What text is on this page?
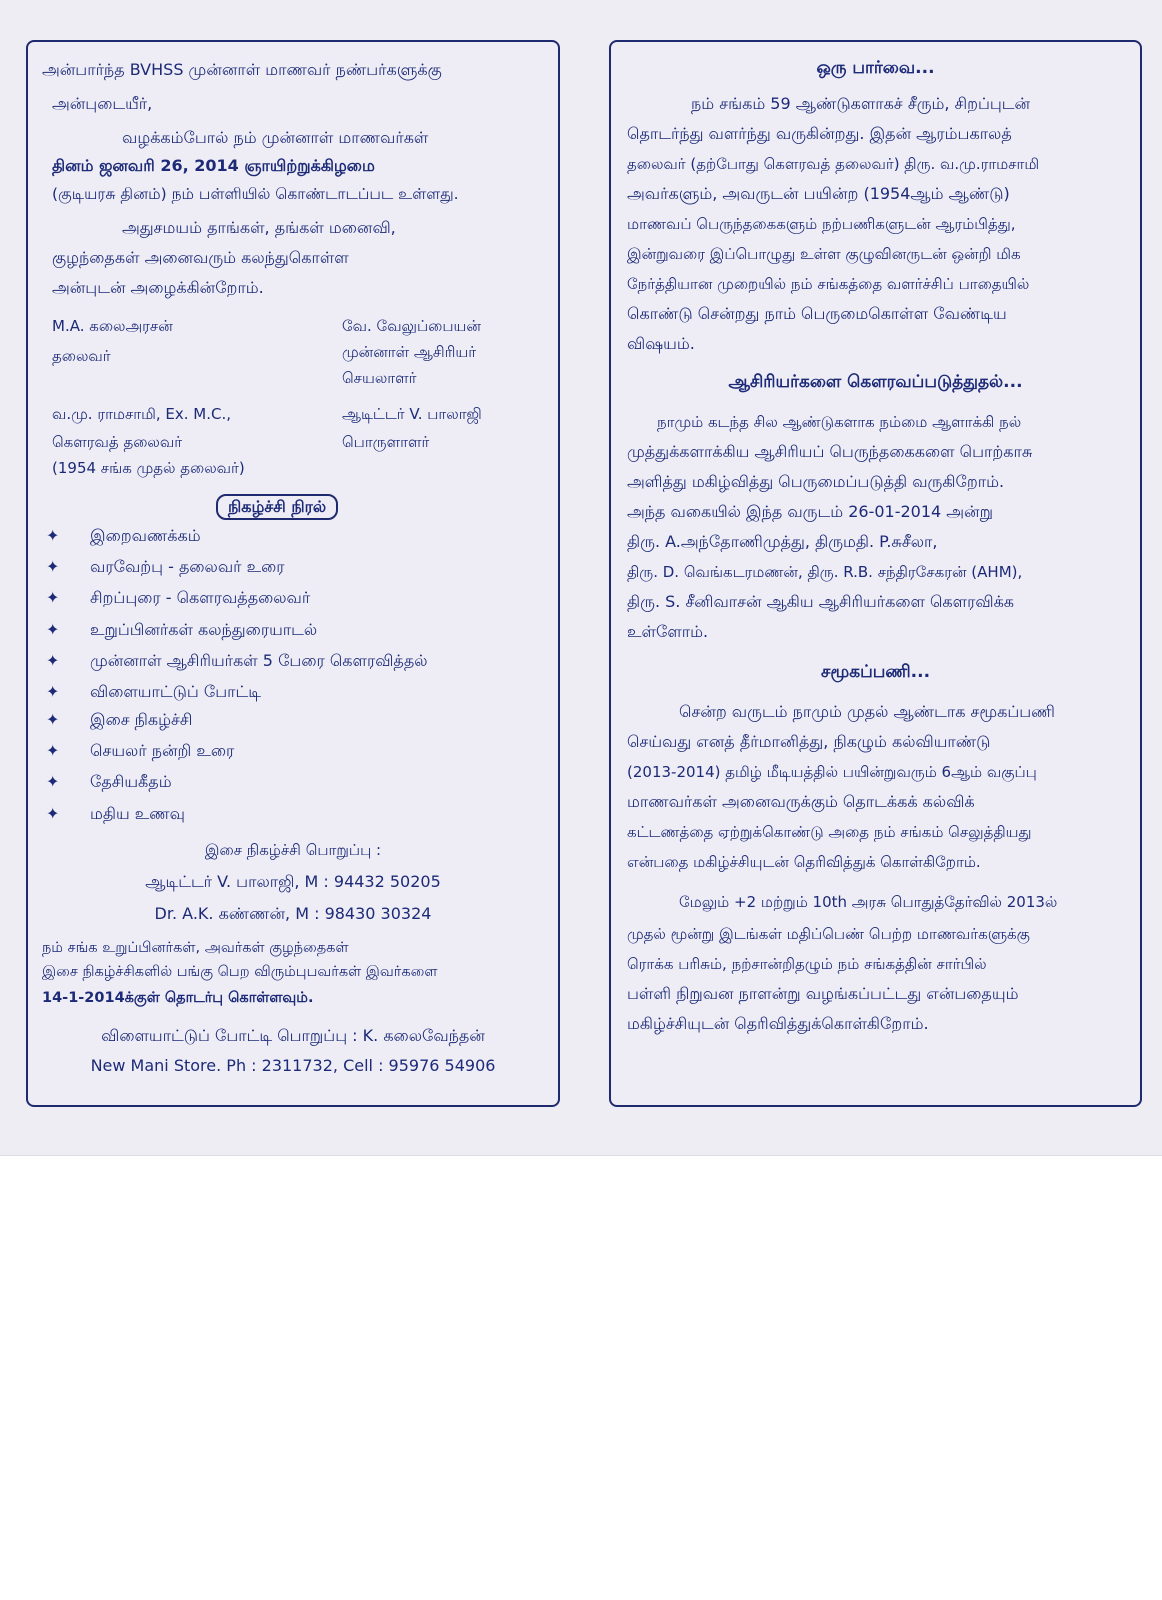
அன்பார்ந்த BVHSS முன்னாள் மாணவர் நண்பர்களுக்கு
அன்புடையீர்,
வழக்கம்போல் நம் முன்னாள் மாணவர்கள்
தினம் ஜனவரி 26, 2014 ஞாயிற்றுக்கிழமை
(குடியரசு தினம்) நம் பள்ளியில் கொண்டாடப்பட உள்ளது.
அதுசமயம் தாங்கள், தங்கள் மனைவி,
குழந்தைகள் அனைவரும் கலந்துகொள்ள
அன்புடன் அழைக்கின்றோம்.
M.A. கலைஅரசன்
தலைவர்
வே. வேலுப்பையன்
முன்னாள் ஆசிரியர்
செயலாளர்
வ.மு. ராமசாமி, Ex. M.C.,
கௌரவத் தலைவர்
(1954 சங்க முதல் தலைவர்)
ஆடிட்டர் V. பாலாஜி
பொருளாளர்
நிகழ்ச்சி நிரல்
✦ இறைவணக்கம்
✦ வரவேற்பு - தலைவர் உரை
✦ சிறப்புரை - கௌரவத்தலைவர்
✦ உறுப்பினர்கள் கலந்துரையாடல்
✦ முன்னாள் ஆசிரியர்கள் 5 பேரை கௌரவித்தல்
✦ விளையாட்டுப் போட்டி
✦ இசை நிகழ்ச்சி
✦ செயலர் நன்றி உரை
✦ தேசியகீதம்
✦ மதிய உணவு
இசை நிகழ்ச்சி பொறுப்பு :
ஆடிட்டர் V. பாலாஜி, M : 94432 50205
Dr. A.K. கண்ணன், M : 98430 30324
நம் சங்க உறுப்பினர்கள், அவர்கள் குழந்தைகள்
இசை நிகழ்ச்சிகளில் பங்கு பெற விரும்புபவர்கள் இவர்களை
14-1-2014க்குள் தொடர்பு கொள்ளவும்.
விளையாட்டுப் போட்டி பொறுப்பு : K. கலைவேந்தன்
New Mani Store. Ph : 2311732, Cell : 95976 54906
ஒரு பார்வை...
நம் சங்கம் 59 ஆண்டுகளாகச் சீரும், சிறப்புடன்
தொடர்ந்து வளர்ந்து வருகின்றது. இதன் ஆரம்பகாலத்
தலைவர் (தற்போது கௌரவத் தலைவர்) திரு. வ.மு.ராமசாமி
அவர்களும், அவருடன் பயின்ற (1954ஆம் ஆண்டு)
மாணவப் பெருந்தகைகளும் நற்பணிகளுடன் ஆரம்பித்து,
இன்றுவரை இப்பொழுது உள்ள குழுவினருடன் ஒன்றி மிக
நேர்த்தியான முறையில் நம் சங்கத்தை வளர்ச்சிப் பாதையில்
கொண்டு சென்றது நாம் பெருமைகொள்ள வேண்டிய
விஷயம்.
ஆசிரியர்களை கௌரவப்படுத்துதல்...
நாமும் கடந்த சில ஆண்டுகளாக நம்மை ஆளாக்கி நல்
முத்துக்களாக்கிய ஆசிரியப் பெருந்தகைகளை பொற்காசு
அளித்து மகிழ்வித்து பெருமைப்படுத்தி வருகிறோம்.
அந்த வகையில் இந்த வருடம் 26-01-2014 அன்று
திரு. A.அந்தோணிமுத்து, திருமதி. P.சுசீலா,
திரு. D. வெங்கடரமணன், திரு. R.B. சந்திரசேகரன் (AHM),
திரு. S. சீனிவாசன் ஆகிய ஆசிரியர்களை கௌரவிக்க
உள்ளோம்.
சமூகப்பணி...
சென்ற வருடம் நாமும் முதல் ஆண்டாக சமூகப்பணி
செய்வது எனத் தீர்மானித்து, நிகழும் கல்வியாண்டு
(2013-2014) தமிழ் மீடியத்தில் பயின்றுவரும் 6ஆம் வகுப்பு
மாணவர்கள் அனைவருக்கும் தொடக்கக் கல்விக்
கட்டணத்தை ஏற்றுக்கொண்டு அதை நம் சங்கம் செலுத்தியது
என்பதை மகிழ்ச்சியுடன் தெரிவித்துக் கொள்கிறோம்.
மேலும் +2 மற்றும் 10th அரசு பொதுத்தேர்வில் 2013ல்
முதல் மூன்று இடங்கள் மதிப்பெண் பெற்ற மாணவர்களுக்கு
ரொக்க பரிசும், நற்சான்றிதழும் நம் சங்கத்தின் சார்பில்
பள்ளி நிறுவன நாளன்று வழங்கப்பட்டது என்பதையும்
மகிழ்ச்சியுடன் தெரிவித்துக்கொள்கிறோம்.
